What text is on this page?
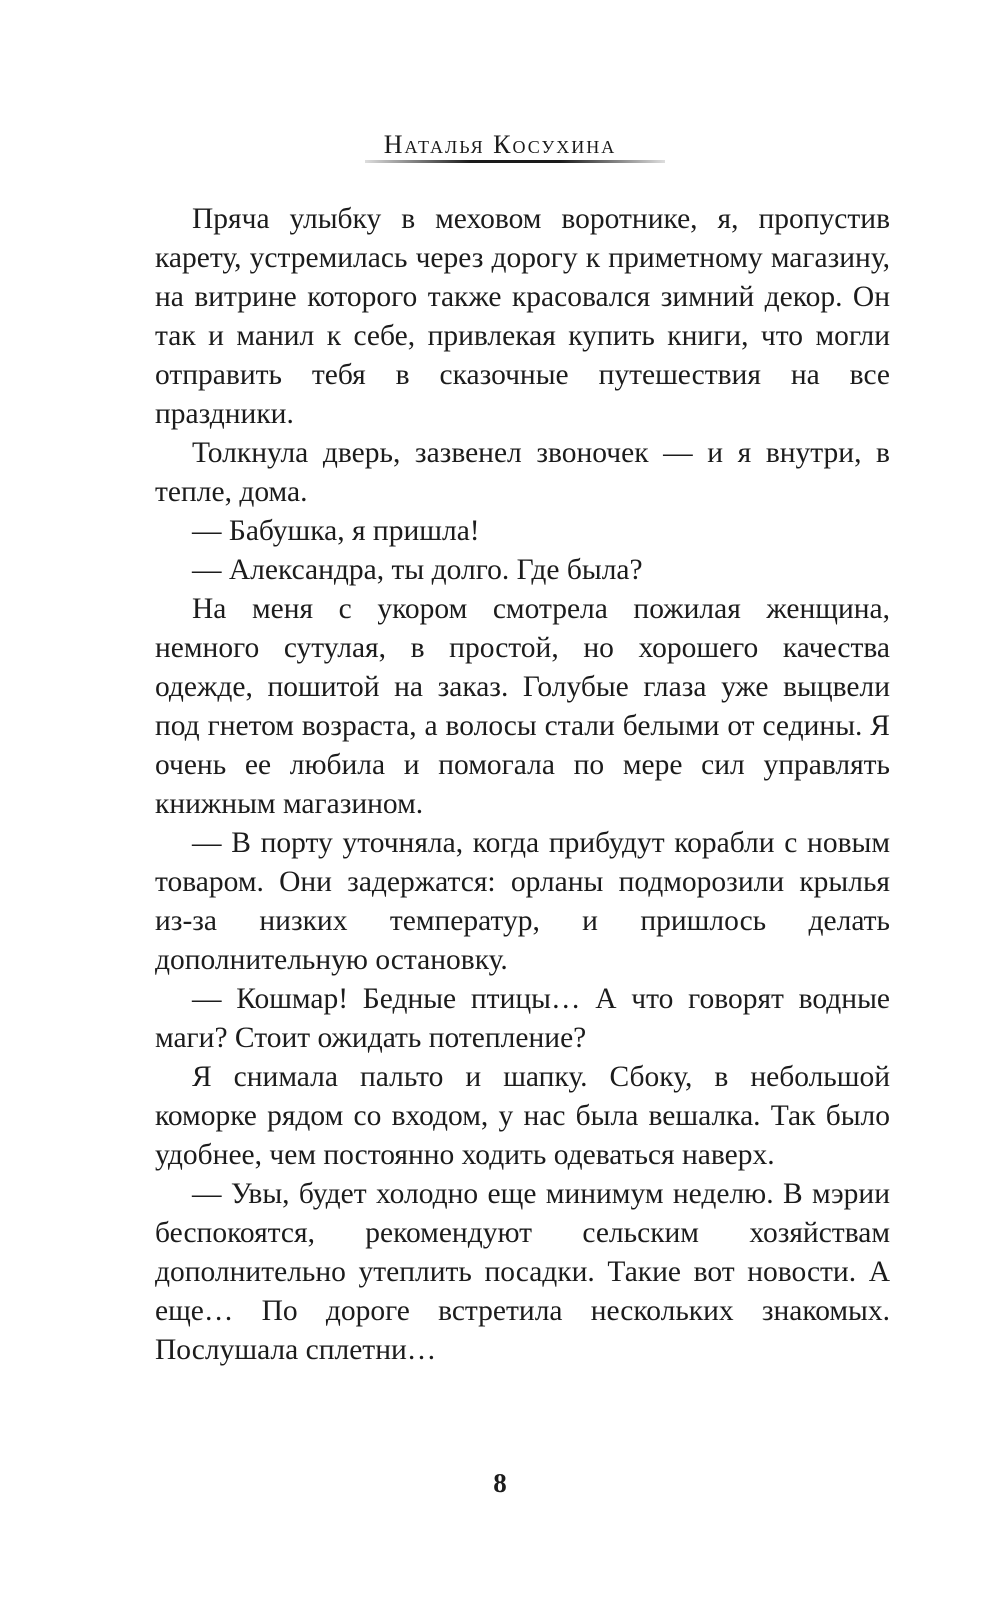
Наталья Косухина

Пряча улыбку в меховом воротнике, я, пропустив карету, устремилась через дорогу к приметному магазину, на витрине которого также красовался зимний декор. Он так и манил к себе, привлекая купить книги, что могли отправить тебя в сказочные путешествия на все праздники.

Толкнула дверь, зазвенел звоночек — и я внутри, в тепле, дома.

— Бабушка, я пришла!

— Александра, ты долго. Где была?

На меня с укором смотрела пожилая женщина, немного сутулая, в простой, но хорошего качества одежде, пошитой на заказ. Голубые глаза уже выцвели под гнетом возраста, а волосы стали белыми от седины. Я очень ее любила и помогала по мере сил управлять книжным магазином.

— В порту уточняла, когда прибудут корабли с новым товаром. Они задержатся: орланы подморозили крылья из-за низких температур, и пришлось делать дополнительную остановку.

— Кошмар! Бедные птицы… А что говорят водные маги? Стоит ожидать потепление?

Я снимала пальто и шапку. Сбоку, в небольшой коморке рядом со входом, у нас была вешалка. Так было удобнее, чем постоянно ходить одеваться наверх.

— Увы, будет холодно еще минимум неделю. В мэрии беспокоятся, рекомендуют сельским хозяйствам дополнительно утеплить посадки. Такие вот новости. А еще… По дороге встретила нескольких знакомых. Послушала сплетни…

8
